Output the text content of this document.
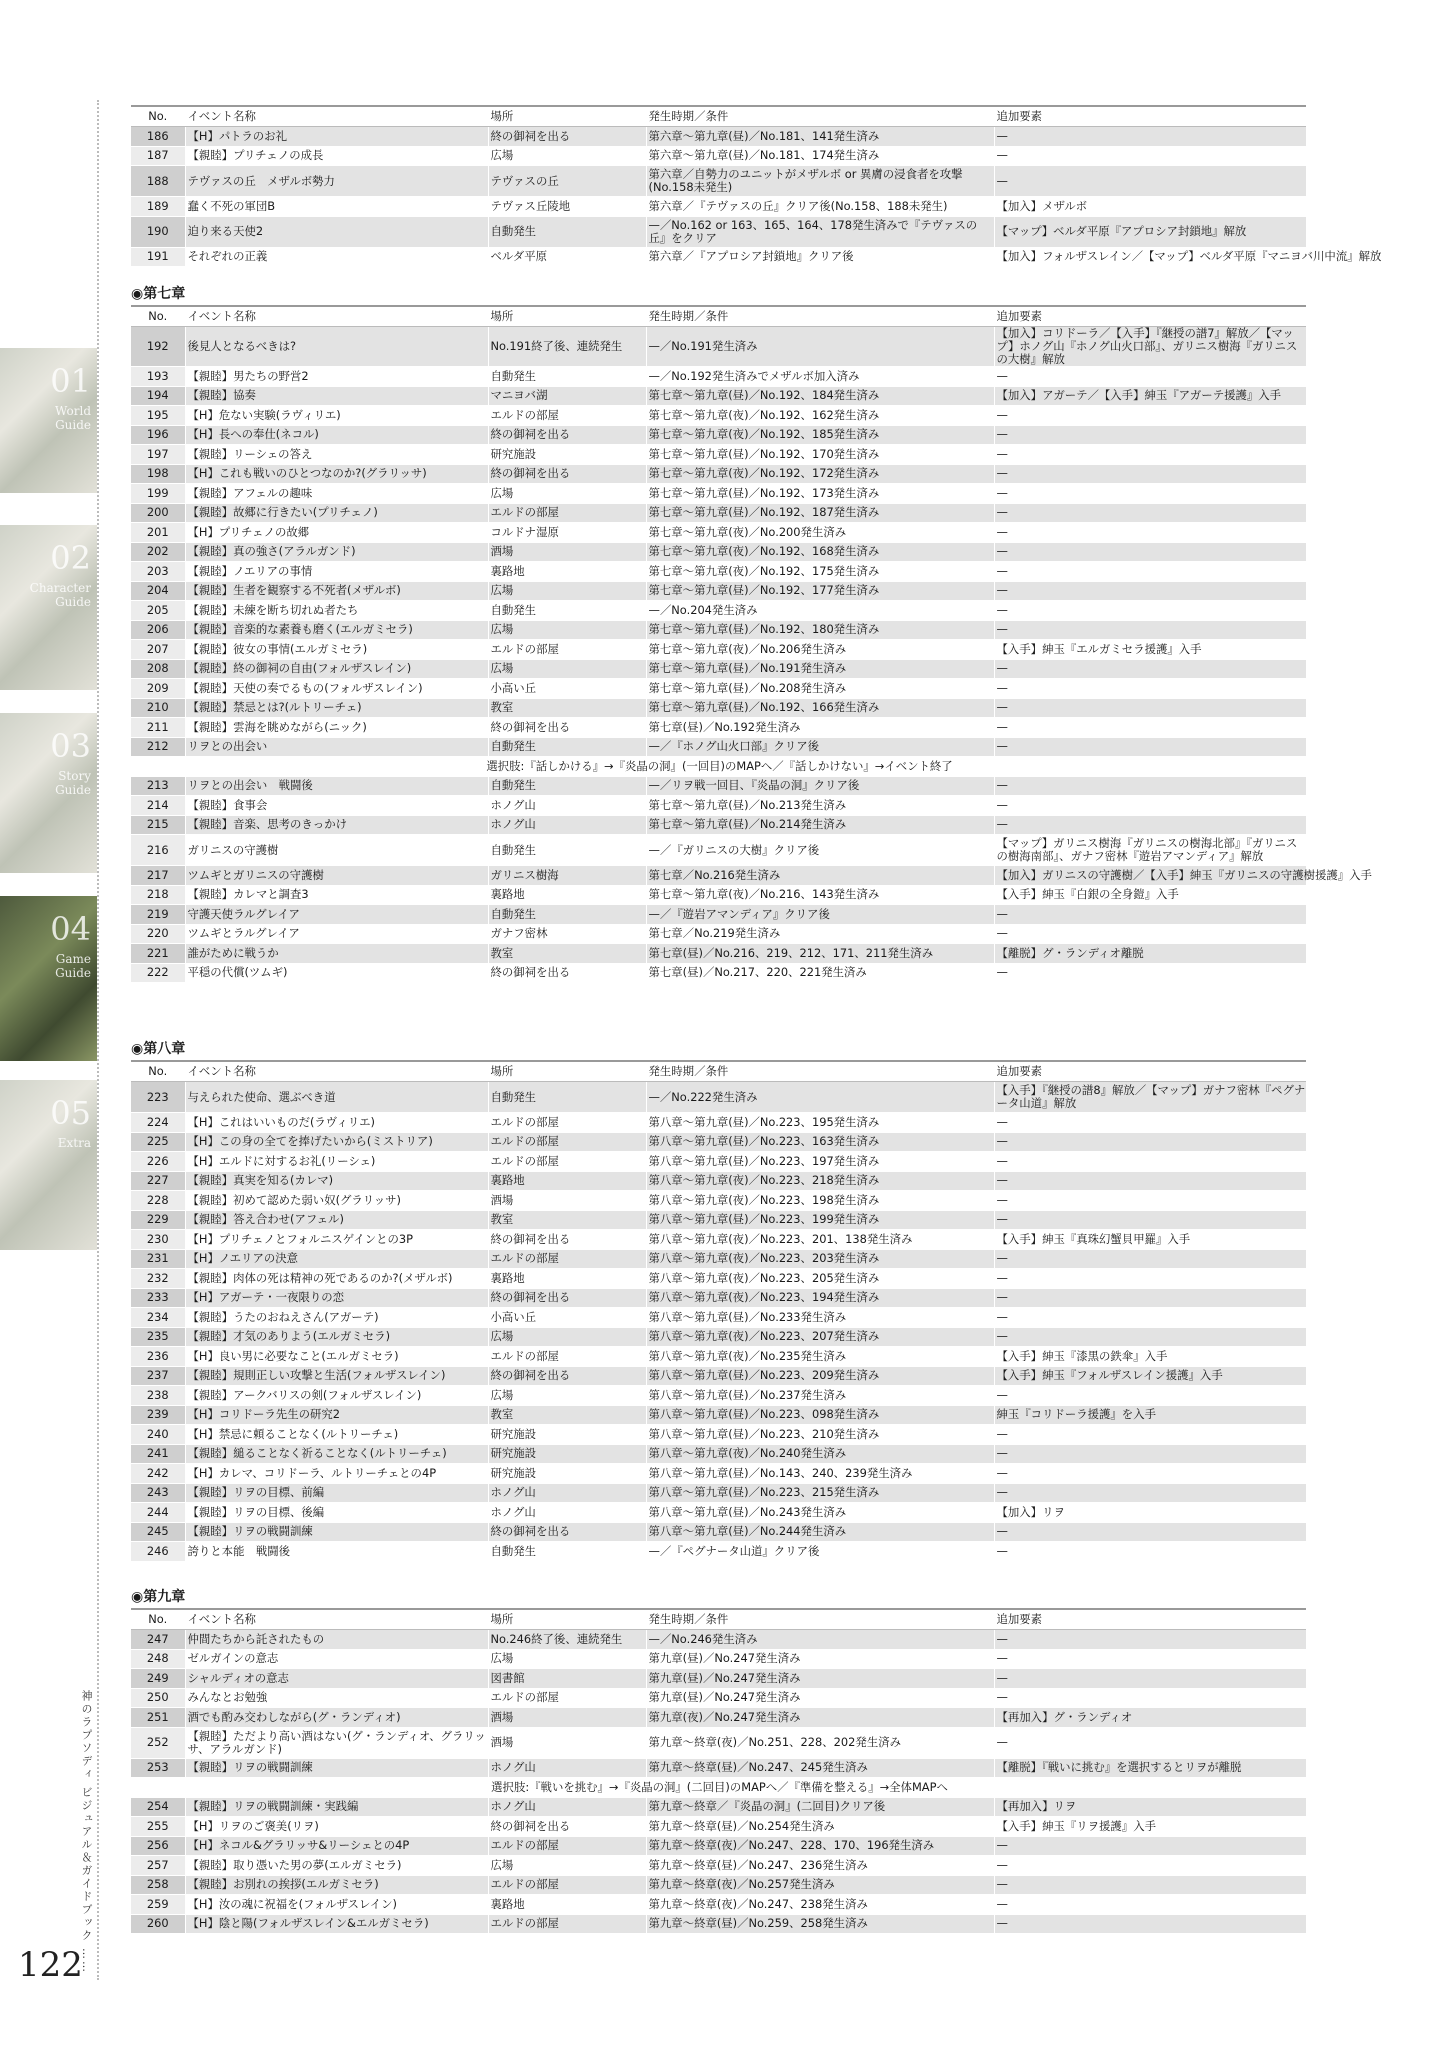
01
World Guide
02
Character Guide
03
Story Guide
04
Game Guide
05
Extra
神のラプソディ ビジュアル＆ガイドブック ……
122
No.	イベント名称	場所	発生時期／条件	追加要素
186	【H】パトラのお礼	終の御祠を出る	第六章～第九章(昼)／No.181、141発生済み	—
187	【親睦】プリチェノの成長	広場	第六章～第九章(昼)／No.181、174発生済み	—
188	テヴァスの丘　メザルボ勢力	テヴァスの丘	第六章／自勢力のユニットがメザルボ or 異膚の浸食者を攻撃(No.158未発生)	—
189	蠢く不死の軍団B	テヴァス丘陵地	第六章／『テヴァスの丘』クリア後(No.158、188未発生)	【加入】メザルボ
190	迫り来る天使2	自動発生	—／No.162 or 163、165、164、178発生済みで『テヴァスの丘』をクリア	【マップ】ベルダ平原『アプロシア封鎖地』解放
191	それぞれの正義	ベルダ平原	第六章／『アプロシア封鎖地』クリア後	【加入】フォルザスレイン／【マップ】ベルダ平原『マニヨバ川中流』解放
◉第七章
No.	イベント名称	場所	発生時期／条件	追加要素
192	後見人となるべきは?	No.191終了後、連続発生	—／No.191発生済み	【加入】コリドーラ／【入手】『継授の譜7』解放／【マップ】ホノグ山『ホノグ山火口部』、ガリニス樹海『ガリニスの大樹』解放
193	【親睦】男たちの野営2	自動発生	—／No.192発生済みでメザルボ加入済み	—
194	【親睦】協奏	マニヨバ湖	第七章～第九章(昼)／No.192、184発生済み	【加入】アガーテ／【入手】紳玉『アガーテ援護』入手
195	【H】危ない実験(ラヴィリエ)	エルドの部屋	第七章～第九章(夜)／No.192、162発生済み	—
196	【H】長への奉仕(ネコル)	終の御祠を出る	第七章～第九章(夜)／No.192、185発生済み	—
197	【親睦】リーシェの答え	研究施設	第七章～第九章(昼)／No.192、170発生済み	—
198	【H】これも戦いのひとつなのか?(グラリッサ)	終の御祠を出る	第七章～第九章(夜)／No.192、172発生済み	—
199	【親睦】アフェルの趣味	広場	第七章～第九章(昼)／No.192、173発生済み	—
200	【親睦】故郷に行きたい(プリチェノ)	エルドの部屋	第七章～第九章(昼)／No.192、187発生済み	—
201	【H】プリチェノの故郷	コルドナ湿原	第七章～第九章(夜)／No.200発生済み	—
202	【親睦】真の強さ(アラルガンド)	酒場	第七章～第九章(夜)／No.192、168発生済み	—
203	【親睦】ノエリアの事情	裏路地	第七章～第九章(夜)／No.192、175発生済み	—
204	【親睦】生者を観察する不死者(メザルボ)	広場	第七章～第九章(昼)／No.192、177発生済み	—
205	【親睦】未練を断ち切れぬ者たち	自動発生	—／No.204発生済み	—
206	【親睦】音楽的な素養も磨く(エルガミセラ)	広場	第七章～第九章(昼)／No.192、180発生済み	—
207	【親睦】彼女の事情(エルガミセラ)	エルドの部屋	第七章～第九章(夜)／No.206発生済み	【入手】紳玉『エルガミセラ援護』入手
208	【親睦】終の御祠の自由(フォルザスレイン)	広場	第七章～第九章(昼)／No.191発生済み	—
209	【親睦】天使の奏でるもの(フォルザスレイン)	小高い丘	第七章～第九章(昼)／No.208発生済み	—
210	【親睦】禁忌とは?(ルトリーチェ)	教室	第七章～第九章(昼)／No.192、166発生済み	—
211	【親睦】雲海を眺めながら(ニック)	終の御祠を出る	第七章(昼)／No.192発生済み	—
212	リヲとの出会い	自動発生	—／『ホノグ山火口部』クリア後	—
選択肢:『話しかける』→『炎晶の洞』(一回目)のMAPへ／『話しかけない』→イベント終了				
213	リヲとの出会い　戦闘後	自動発生	—／リヲ戦一回目、『炎晶の洞』クリア後	—
214	【親睦】食事会	ホノグ山	第七章～第九章(昼)／No.213発生済み	—
215	【親睦】音楽、思考のきっかけ	ホノグ山	第七章～第九章(昼)／No.214発生済み	—
216	ガリニスの守護樹	自動発生	—／『ガリニスの大樹』クリア後	【マップ】ガリニス樹海『ガリニスの樹海北部』『ガリニスの樹海南部』、ガナフ密林『遊岩アマンディア』解放
217	ツムギとガリニスの守護樹	ガリニス樹海	第七章／No.216発生済み	【加入】ガリニスの守護樹／【入手】紳玉『ガリニスの守護樹援護』入手
218	【親睦】カレマと調査3	裏路地	第七章～第九章(夜)／No.216、143発生済み	【入手】紳玉『白銀の全身鎧』入手
219	守護天使ラルグレイア	自動発生	—／『遊岩アマンディア』クリア後	—
220	ツムギとラルグレイア	ガナフ密林	第七章／No.219発生済み	—
221	誰がために戦うか	教室	第七章(昼)／No.216、219、212、171、211発生済み	【離脱】グ・ランディオ離脱
222	平穏の代償(ツムギ)	終の御祠を出る	第七章(昼)／No.217、220、221発生済み	—
◉第八章
No.	イベント名称	場所	発生時期／条件	追加要素
223	与えられた使命、選ぶべき道	自動発生	—／No.222発生済み	【入手】『継授の譜8』解放／【マップ】ガナフ密林『ペグナータ山道』解放
224	【H】これはいいものだ(ラヴィリエ)	エルドの部屋	第八章～第九章(昼)／No.223、195発生済み	—
225	【H】この身の全てを捧げたいから(ミストリア)	エルドの部屋	第八章～第九章(昼)／No.223、163発生済み	—
226	【H】エルドに対するお礼(リーシェ)	エルドの部屋	第八章～第九章(昼)／No.223、197発生済み	—
227	【親睦】真実を知る(カレマ)	裏路地	第八章～第九章(夜)／No.223、218発生済み	—
228	【親睦】初めて認めた弱い奴(グラリッサ)	酒場	第八章～第九章(夜)／No.223、198発生済み	—
229	【親睦】答え合わせ(アフェル)	教室	第八章～第九章(昼)／No.223、199発生済み	—
230	【H】プリチェノとフォルニスゲインとの3P	終の御祠を出る	第八章～第九章(夜)／No.223、201、138発生済み	【入手】紳玉『真珠幻蟹貝甲羅』入手
231	【H】ノエリアの決意	エルドの部屋	第八章～第九章(夜)／No.223、203発生済み	—
232	【親睦】肉体の死は精神の死であるのか?(メザルボ)	裏路地	第八章～第九章(夜)／No.223、205発生済み	—
233	【H】アガーテ・一夜限りの恋	終の御祠を出る	第八章～第九章(夜)／No.223、194発生済み	—
234	【親睦】うたのおねえさん(アガーテ)	小高い丘	第八章～第九章(昼)／No.233発生済み	—
235	【親睦】才気のありよう(エルガミセラ)	広場	第八章～第九章(夜)／No.223、207発生済み	—
236	【H】良い男に必要なこと(エルガミセラ)	エルドの部屋	第八章～第九章(夜)／No.235発生済み	【入手】紳玉『漆黒の鉄傘』入手
237	【親睦】規則正しい攻撃と生活(フォルザスレイン)	終の御祠を出る	第八章～第九章(昼)／No.223、209発生済み	【入手】紳玉『フォルザスレイン援護』入手
238	【親睦】アークバリスの剣(フォルザスレイン)	広場	第八章～第九章(昼)／No.237発生済み	—
239	【H】コリドーラ先生の研究2	教室	第八章～第九章(昼)／No.223、098発生済み	紳玉『コリドーラ援護』を入手
240	【H】禁忌に頼ることなく(ルトリーチェ)	研究施設	第八章～第九章(昼)／No.223、210発生済み	—
241	【親睦】縋ることなく祈ることなく(ルトリーチェ)	研究施設	第八章～第九章(夜)／No.240発生済み	—
242	【H】カレマ、コリドーラ、ルトリーチェとの4P	研究施設	第八章～第九章(昼)／No.143、240、239発生済み	—
243	【親睦】リヲの目標、前編	ホノグ山	第八章～第九章(昼)／No.223、215発生済み	—
244	【親睦】リヲの目標、後編	ホノグ山	第八章～第九章(昼)／No.243発生済み	【加入】リヲ
245	【親睦】リヲの戦闘訓練	終の御祠を出る	第八章～第九章(昼)／No.244発生済み	—
246	誇りと本能　戦闘後	自動発生	—／『ペグナータ山道』クリア後	—
◉第九章
No.	イベント名称	場所	発生時期／条件	追加要素
247	仲間たちから託されたもの	No.246終了後、連続発生	—／No.246発生済み	—
248	ゼルガインの意志	広場	第九章(昼)／No.247発生済み	—
249	シャルディオの意志	図書館	第九章(昼)／No.247発生済み	—
250	みんなとお勉強	エルドの部屋	第九章(昼)／No.247発生済み	—
251	酒でも酌み交わしながら(グ・ランディオ)	酒場	第九章(夜)／No.247発生済み	【再加入】グ・ランディオ
252	【親睦】ただより高い酒はない(グ・ランディオ、グラリッサ、アラルガンド)	酒場	第九章～終章(夜)／No.251、228、202発生済み	—
253	【親睦】リヲの戦闘訓練	ホノグ山	第九章～終章(昼)／No.247、245発生済み	【離脱】『戦いに挑む』を選択するとリヲが離脱
選択肢:『戦いを挑む』→『炎晶の洞』(二回目)のMAPへ／『準備を整える』→全体MAPへ				
254	【親睦】リヲの戦闘訓練・実践編	ホノグ山	第九章～終章／『炎晶の洞』(二回目)クリア後	【再加入】リヲ
255	【H】リヲのご褒美(リヲ)	終の御祠を出る	第九章～終章(昼)／No.254発生済み	【入手】紳玉『リヲ援護』入手
256	【H】ネコル&グラリッサ&リーシェとの4P	エルドの部屋	第九章～終章(夜)／No.247、228、170、196発生済み	—
257	【親睦】取り憑いた男の夢(エルガミセラ)	広場	第九章～終章(昼)／No.247、236発生済み	—
258	【親睦】お別れの挨拶(エルガミセラ)	エルドの部屋	第九章～終章(夜)／No.257発生済み	—
259	【H】汝の魂に祝福を(フォルザスレイン)	裏路地	第九章～終章(夜)／No.247、238発生済み	—
260	【H】陰と陽(フォルザスレイン&エルガミセラ)	エルドの部屋	第九章～終章(昼)／No.259、258発生済み	—
